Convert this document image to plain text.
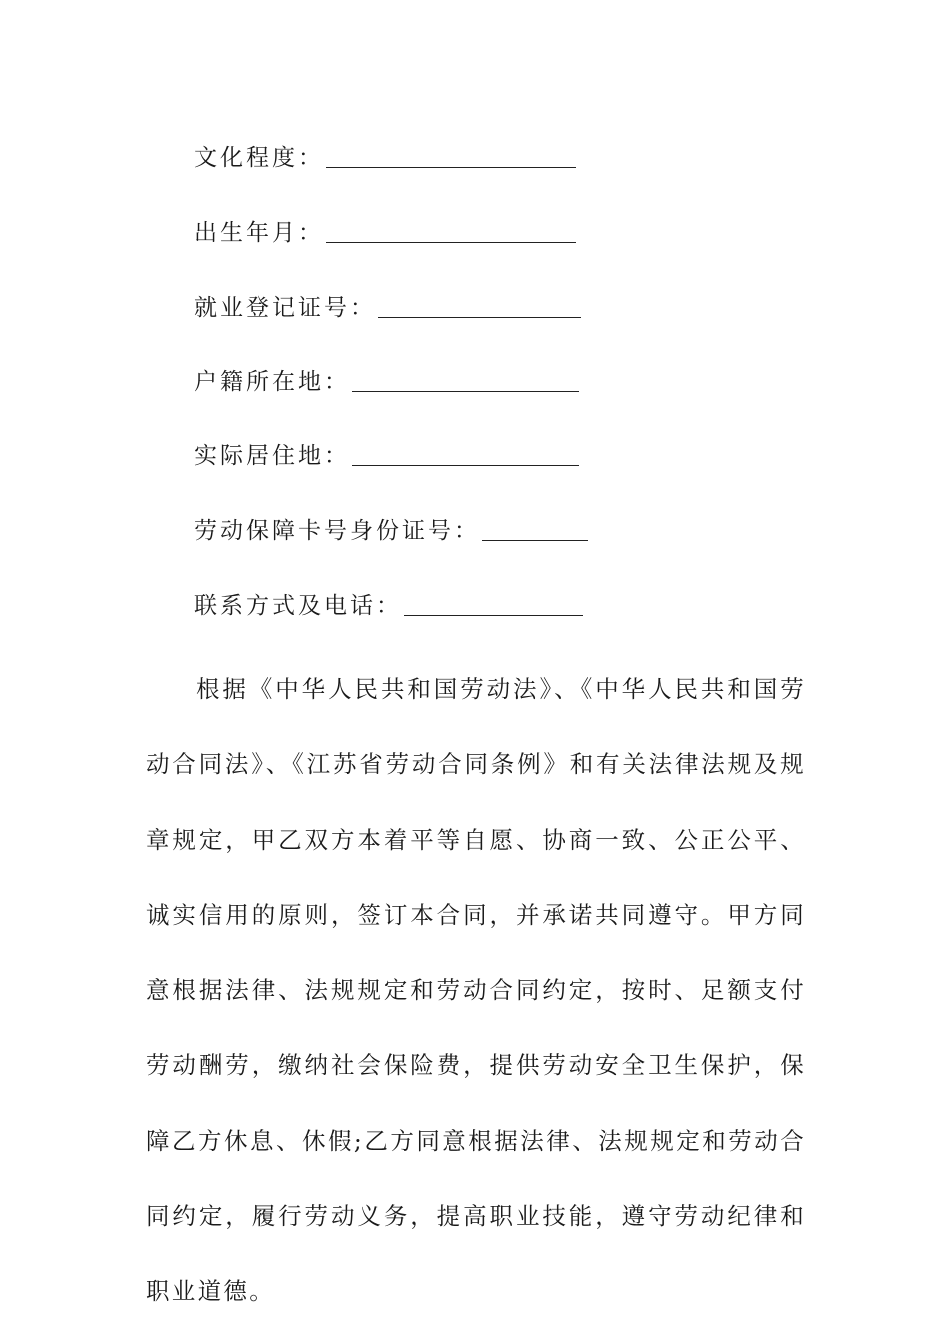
文化程度：
出生年月：
就业登记证号：
户籍所在地：
实际居住地：
劳动保障卡号身份证号：
联系方式及电话：

根据《中华人民共和国劳动法》、《中华人民共和国劳动合同法》、《江苏省劳动合同条例》和有关法律法规及规章规定，甲乙双方本着平等自愿、协商一致、公正公平、诚实信用的原则，签订本合同，并承诺共同遵守。甲方同意根据法律、法规规定和劳动合同约定，按时、足额支付劳动酬劳，缴纳社会保险费，提供劳动安全卫生保护，保障乙方休息、休假;乙方同意根据法律、法规规定和劳动合同约定，履行劳动义务，提高职业技能，遵守劳动纪律和职业道德。
